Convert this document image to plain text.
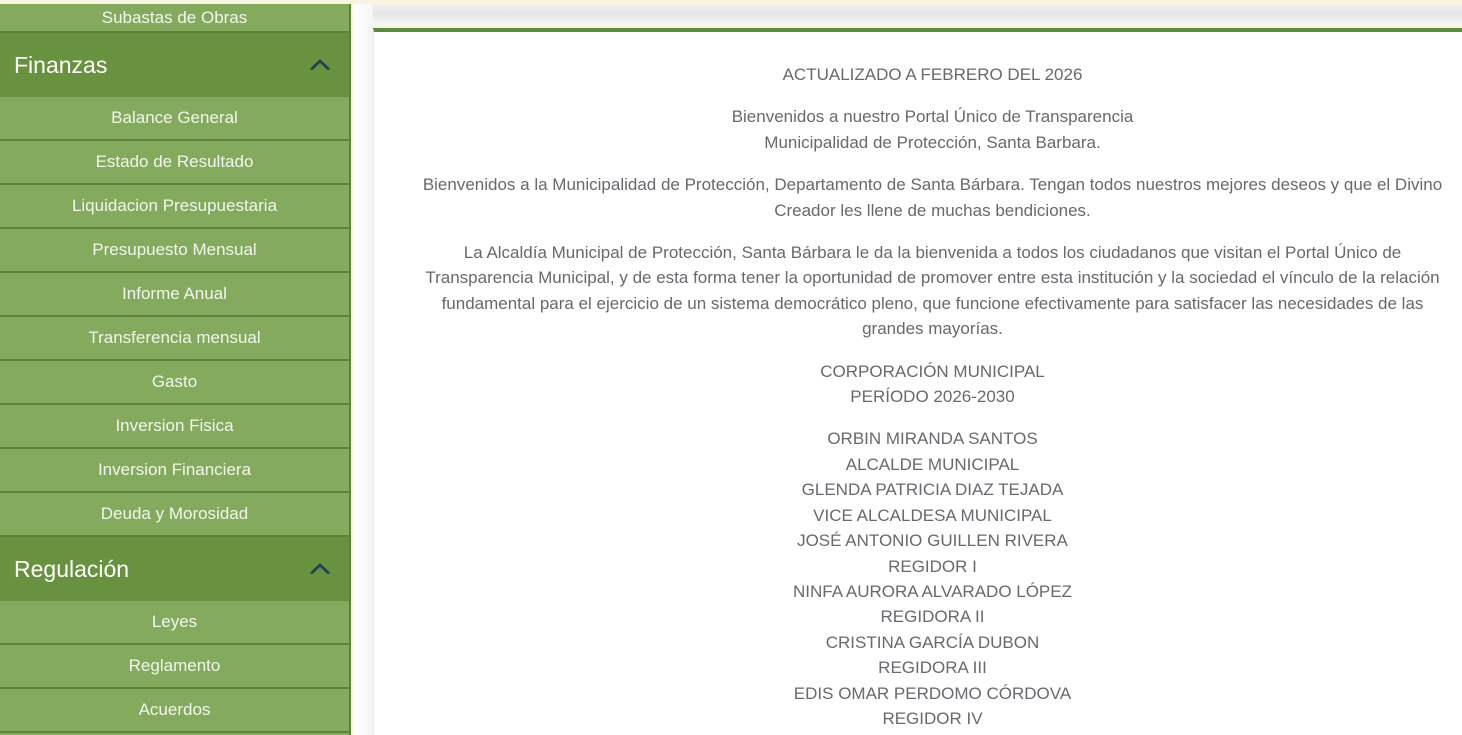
Subastas de Obras
Finanzas
Balance General
Estado de Resultado
Liquidacion Presupuestaria
Presupuesto Mensual
Informe Anual
Transferencia mensual
Gasto
Inversion Fisica
Inversion Financiera
Deuda y Morosidad
Regulación
Leyes
Reglamento
Acuerdos

ACTUALIZADO A FEBRERO DEL 2026

Bienvenidos a nuestro Portal Único de Transparencia
Municipalidad de Protección, Santa Barbara.

Bienvenidos a la Municipalidad de Protección, Departamento de Santa Bárbara. Tengan todos nuestros mejores deseos y que el Divino Creador les llene de muchas bendiciones.

La Alcaldía Municipal de Protección, Santa Bárbara le da la bienvenida a todos los ciudadanos que visitan el Portal Único de Transparencia Municipal, y de esta forma tener la oportunidad de promover entre esta institución y la sociedad el vínculo de la relación fundamental para el ejercicio de un sistema democrático pleno, que funcione efectivamente para satisfacer las necesidades de las grandes mayorías.

CORPORACIÓN MUNICIPAL
PERÍODO 2026-2030

ORBIN MIRANDA SANTOS
ALCALDE MUNICIPAL
GLENDA PATRICIA DIAZ TEJADA
VICE ALCALDESA MUNICIPAL
JOSÉ ANTONIO GUILLEN RIVERA
REGIDOR I
NINFA AURORA ALVARADO LÓPEZ
REGIDORA II
CRISTINA GARCÍA DUBON
REGIDORA III
EDIS OMAR PERDOMO CÓRDOVA
REGIDOR IV
